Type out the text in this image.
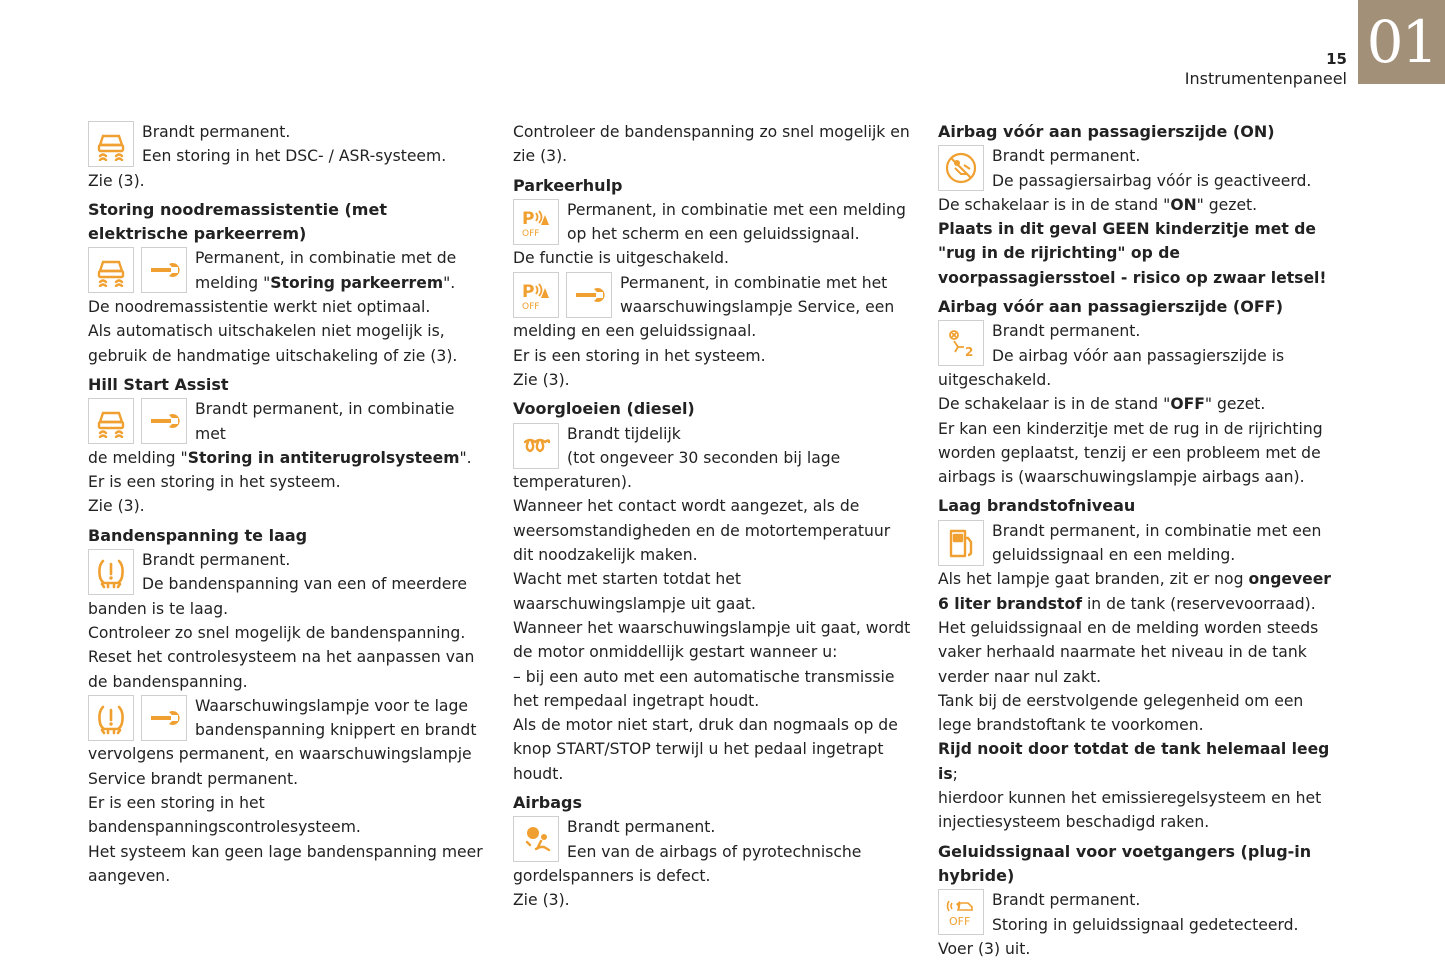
01
15
Instrumentenpaneel

Brandt permanent.

Een storing in het DSC- / ASR-systeem.

Zie (3).

Storing noodremassistentie (met elektrische parkeerrem)

Permanent, in combinatie met de

melding "Storing parkeerrem".

De noodremassistentie werkt niet optimaal.

Als automatisch uitschakelen niet mogelijk is, gebruik de handmatige uitschakeling of zie (3).

Hill Start Assist

Brandt permanent, in combinatie met

de melding "Storing in antiterugrolsysteem".

Er is een storing in het systeem.

Zie (3).

Bandenspanning te laag

Brandt permanent.

De bandenspanning van een of meerdere banden is te laag.

Controleer zo snel mogelijk de bandenspanning.

Reset het controlesysteem na het aanpassen van de bandenspanning.

Waarschuwingslampje voor te lage bandenspanning knippert en brandt vervolgens permanent, en waarschuwingslampje Service brandt permanent.

Er is een storing in het bandenspanningscontrolesysteem.

Het systeem kan geen lage bandenspanning meer aangeven.

Controleer de bandenspanning zo snel mogelijk en zie (3).

Parkeerhulp

P
OFF

Permanent, in combinatie met een melding op het scherm en een geluidssignaal.

De functie is uitgeschakeld.

P
OFF

Permanent, in combinatie met het waarschuwingslampje Service, een melding en een geluidssignaal.

Er is een storing in het systeem.

Zie (3).

Voorgloeien (diesel)

Brandt tijdelijk

(tot ongeveer 30 seconden bij lage temperaturen).

Wanneer het contact wordt aangezet, als de weersomstandigheden en de motortemperatuur dit noodzakelijk maken.

Wacht met starten totdat het waarschuwingslampje uit gaat.

Wanneer het waarschuwingslampje uit gaat, wordt de motor onmiddellijk gestart wanneer u:

– bij een auto met een automatische transmissie het rempedaal ingetrapt houdt.

Als de motor niet start, druk dan nogmaals op de knop START/STOP terwijl u het pedaal ingetrapt houdt.

Airbags

Brandt permanent.

Een van de airbags of pyrotechnische gordelspanners is defect.

Zie (3).

Airbag vóór aan passagierszijde (ON)

Brandt permanent.

De passagiersairbag vóór is geactiveerd.

De schakelaar is in de stand "ON" gezet.

Plaats in dit geval GEEN kinderzitje met de "rug in de rijrichting" op de voorpassagiersstoel - risico op zwaar letsel!

Airbag vóór aan passagierszijde (OFF)

2

Brandt permanent.

De airbag vóór aan passagierszijde is uitgeschakeld.

De schakelaar is in de stand "OFF" gezet.

Er kan een kinderzitje met de rug in de rijrichting worden geplaatst, tenzij er een probleem met de airbags is (waarschuwingslampje airbags aan).

Laag brandstofniveau

Brandt permanent, in combinatie met een geluidssignaal en een melding.

Als het lampje gaat branden, zit er nog ongeveer 6 liter brandstof in de tank (reservevoorraad).

Het geluidssignaal en de melding worden steeds vaker herhaald naarmate het niveau in de tank verder naar nul zakt.

Tank bij de eerstvolgende gelegenheid om een lege brandstoftank te voorkomen.

Rijd nooit door totdat de tank helemaal leeg is;

hierdoor kunnen het emissieregelsysteem en het injectiesysteem beschadigd raken.

Geluidssignaal voor voetgangers (plug-in hybride)

OFF

Brandt permanent.

Storing in geluidssignaal gedetecteerd.

Voer (3) uit.
